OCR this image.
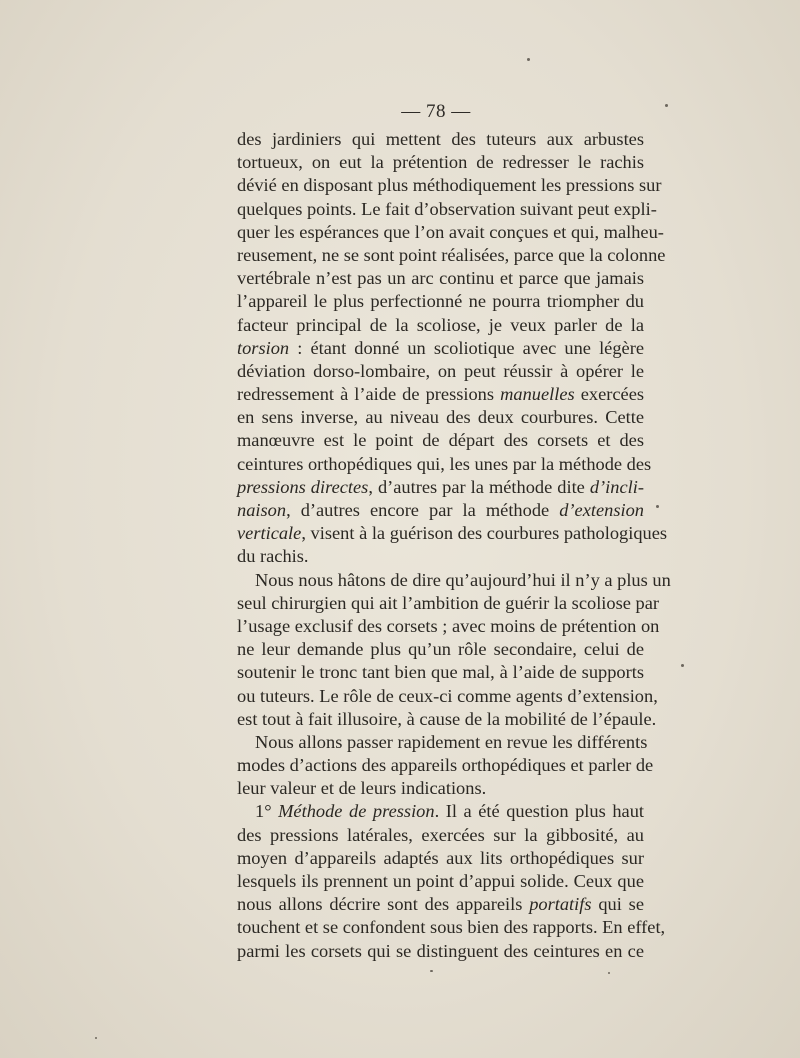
— 78 —
des jardiniers qui mettent des tuteurs aux arbustes
tortueux, on eut la prétention de redresser le rachis
dévié en disposant plus méthodiquement les pressions sur
quelques points. Le fait d’observation suivant peut expli-
quer les espérances que l’on avait conçues et qui, malheu-
reusement, ne se sont point réalisées, parce que la colonne
vertébrale n’est pas un arc continu et parce que jamais
l’appareil le plus perfectionné ne pourra triompher du
facteur principal de la scoliose, je veux parler de la
torsion : étant donné un scoliotique avec une légère
déviation dorso-lombaire, on peut réussir à opérer le
redressement à l’aide de pressions manuelles exercées
en sens inverse, au niveau des deux courbures. Cette
manœuvre est le point de départ des corsets et des
ceintures orthopédiques qui, les unes par la méthode des
pressions directes, d’autres par la méthode dite d’incli-
naison, d’autres encore par la méthode d’extension
verticale, visent à la guérison des courbures pathologiques
du rachis.
Nous nous hâtons de dire qu’aujourd’hui il n’y a plus un
seul chirurgien qui ait l’ambition de guérir la scoliose par
l’usage exclusif des corsets ; avec moins de prétention on
ne leur demande plus qu’un rôle secondaire, celui de
soutenir le tronc tant bien que mal, à l’aide de supports
ou tuteurs. Le rôle de ceux-ci comme agents d’extension,
est tout à fait illusoire, à cause de la mobilité de l’épaule.
Nous allons passer rapidement en revue les différents
modes d’actions des appareils orthopédiques et parler de
leur valeur et de leurs indications.
1° Méthode de pression. Il a été question plus haut
des pressions latérales, exercées sur la gibbosité, au
moyen d’appareils adaptés aux lits orthopédiques sur
lesquels ils prennent un point d’appui solide. Ceux que
nous allons décrire sont des appareils portatifs qui se
touchent et se confondent sous bien des rapports. En effet,
parmi les corsets qui se distinguent des ceintures en ce
